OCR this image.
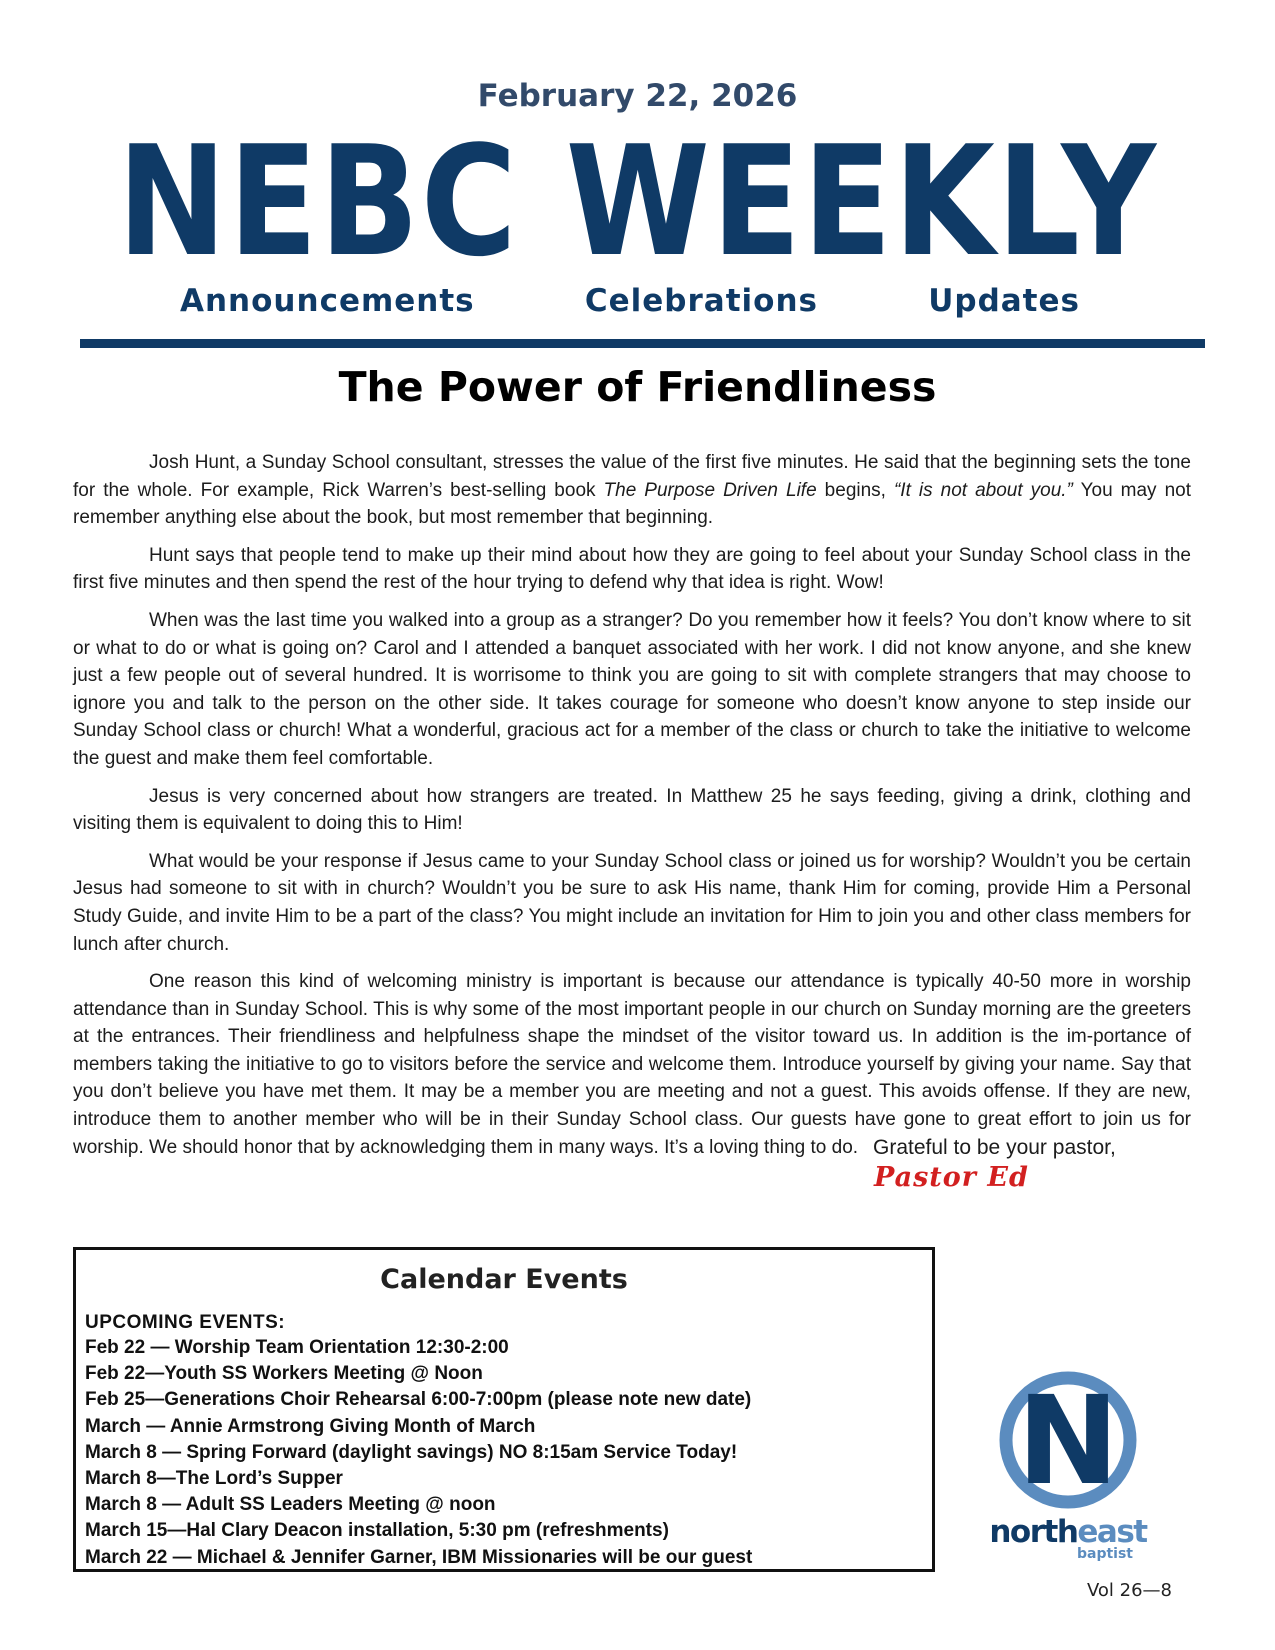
February 22, 2026
NEBC WEEKLY
Announcements	Celebrations	Updates
The Power of Friendliness

Josh Hunt, a Sunday School consultant, stresses the value of the first five minutes. He said that the beginning sets the tone for the whole. For example, Rick Warren’s best-selling book The Purpose Driven Life begins, “It is not about you.” You may not remember anything else about the book, but most remember that beginning.

Hunt says that people tend to make up their mind about how they are going to feel about your Sunday School class in the first five minutes and then spend the rest of the hour trying to defend why that idea is right. Wow!

When was the last time you walked into a group as a stranger? Do you remember how it feels? You don’t know where to sit or what to do or what is going on? Carol and I attended a banquet associated with her work. I did not know anyone, and she knew just a few people out of several hundred. It is worrisome to think you are going to sit with complete strangers that may choose to ignore you and talk to the person on the other side. It takes courage for someone who doesn’t know anyone to step inside our Sunday School class or church! What a wonderful, gracious act for a member of the class or church to take the initiative to welcome the guest and make them feel comfortable.

Jesus is very concerned about how strangers are treated. In Matthew 25 he says feeding, giving a drink, clothing and visiting them is equivalent to doing this to Him!

What would be your response if Jesus came to your Sunday School class or joined us for worship? Wouldn’t you be certain Jesus had someone to sit with in church? Wouldn’t you be sure to ask His name, thank Him for coming, provide Him a Personal Study Guide, and invite Him to be a part of the class? You might include an invitation for Him to join you and other class members for lunch after church.

One reason this kind of welcoming ministry is important is because our attendance is typically 40-50 more in worship attendance than in Sunday School. This is why some of the most important people in our church on Sunday morning are the greeters at the entrances. Their friendliness and helpfulness shape the mindset of the visitor toward us. In addition is the im-portance of members taking the initiative to go to visitors before the service and welcome them. Introduce yourself by giving your name. Say that you don’t believe you have met them. It may be a member you are meeting and not a guest. This avoids offense. If they are new, introduce them to another member who will be in their Sunday School class. Our guests have gone to great effort to join us for worship. We should honor that by acknowledging them in many ways. It’s a loving thing to do. Grateful to be your pastor,
Pastor Ed
Calendar Events
UPCOMING EVENTS:
Feb 22 — Worship Team Orientation 12:30-2:00
Feb 22—Youth SS Workers Meeting @ Noon
Feb 25—Generations Choir Rehearsal 6:00-7:00pm (please note new date)
March — Annie Armstrong Giving Month of March
March 8 — Spring Forward (daylight savings) NO 8:15am Service Today!
March 8—The Lord’s Supper
March 8 — Adult SS Leaders Meeting @ noon
March 15—Hal Clary Deacon installation, 5:30 pm (refreshments)
March 22 — Michael & Jennifer Garner, IBM Missionaries will be our guest
N
northeast
baptist
Vol 26—8
